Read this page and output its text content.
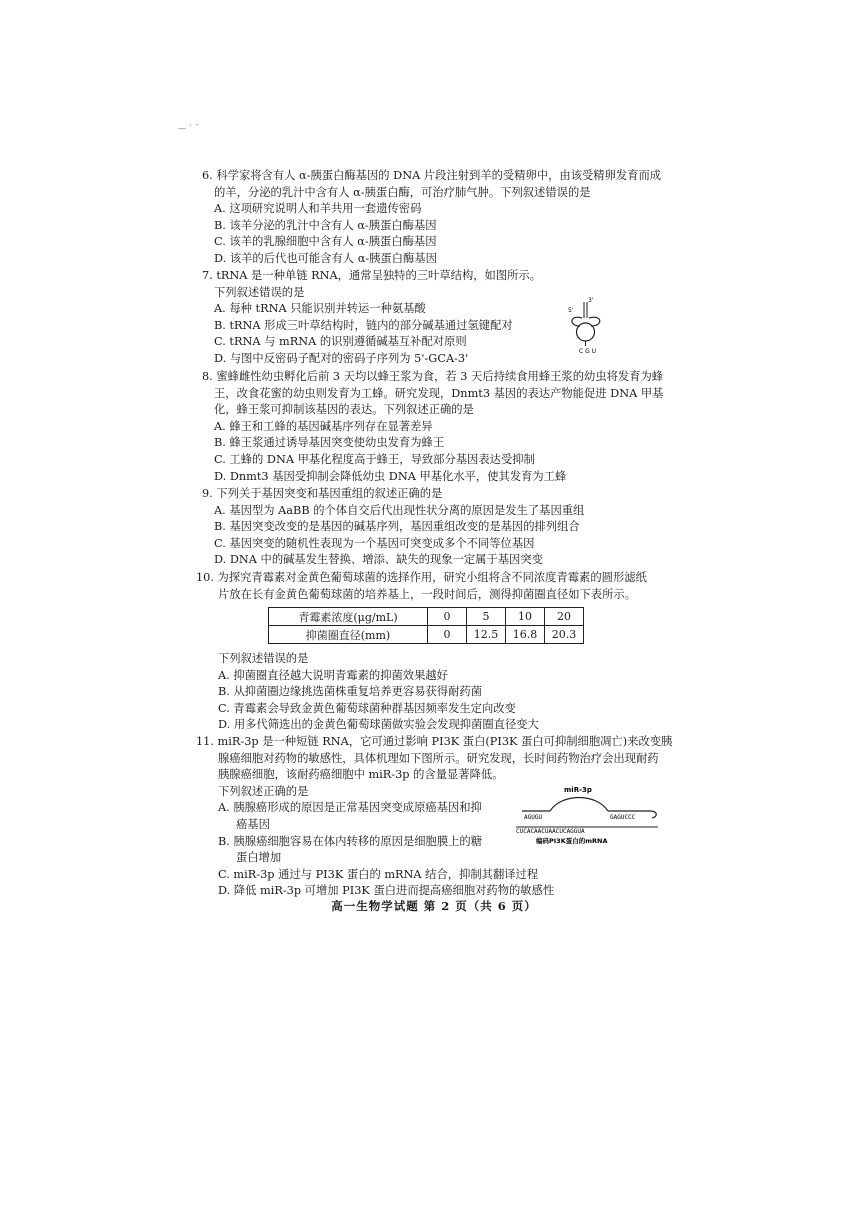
— ˙ ˉ
6. 科学家将含有人 α-胰蛋白酶基因的 DNA 片段注射到羊的受精卵中，由该受精卵发育而成
的羊，分泌的乳汁中含有人 α-胰蛋白酶，可治疗肺气肿。下列叙述错误的是
A. 这项研究说明人和羊共用一套遗传密码
B. 该羊分泌的乳汁中含有人 α-胰蛋白酶基因
C. 该羊的乳腺细胞中含有人 α-胰蛋白酶基因
D. 该羊的后代也可能含有人 α-胰蛋白酶基因
7. tRNA 是一种单链 RNA，通常呈独特的三叶草结构，如图所示。
下列叙述错误的是
A. 每种 tRNA 只能识别并转运一种氨基酸
B. tRNA 形成三叶草结构时，链内的部分碱基通过氢键配对
C. tRNA 与 mRNA 的识别遵循碱基互补配对原则
D. 与图中反密码子配对的密码子序列为 5'-GCA-3'
3'
5'
C G U
8. 蜜蜂雌性幼虫孵化后前 3 天均以蜂王浆为食，若 3 天后持续食用蜂王浆的幼虫将发育为蜂
王，改食花蜜的幼虫则发育为工蜂。研究发现，Dnmt3 基因的表达产物能促进 DNA 甲基
化，蜂王浆可抑制该基因的表达。下列叙述正确的是
A. 蜂王和工蜂的基因碱基序列存在显著差异
B. 蜂王浆通过诱导基因突变使幼虫发育为蜂王
C. 工蜂的 DNA 甲基化程度高于蜂王，导致部分基因表达受抑制
D. Dnmt3 基因受抑制会降低幼虫 DNA 甲基化水平，使其发育为工蜂
9. 下列关于基因突变和基因重组的叙述正确的是
A. 基因型为 AaBB 的个体自交后代出现性状分离的原因是发生了基因重组
B. 基因突变改变的是基因的碱基序列，基因重组改变的是基因的排列组合
C. 基因突变的随机性表现为一个基因可突变成多个不同等位基因
D. DNA 中的碱基发生替换、增添、缺失的现象一定属于基因突变
10. 为探究青霉素对金黄色葡萄球菌的选择作用，研究小组将含不同浓度青霉素的圆形滤纸
片放在长有金黄色葡萄球菌的培养基上，一段时间后，测得抑菌圈直径如下表所示。
青霉素浓度(μg/mL)	0	5	10	20
抑菌圈直径(mm)	0	12.5	16.8	20.3
下列叙述错误的是
A. 抑菌圈直径越大说明青霉素的抑菌效果越好
B. 从抑菌圈边缘挑选菌株重复培养更容易获得耐药菌
C. 青霉素会导致金黄色葡萄球菌种群基因频率发生定向改变
D. 用多代筛选出的金黄色葡萄球菌做实验会发现抑菌圈直径变大
11. miR-3p 是一种短链 RNA，它可通过影响 PI3K 蛋白(PI3K 蛋白可抑制细胞凋亡)来改变胰
腺癌细胞对药物的敏感性，具体机理如下图所示。研究发现，长时间药物治疗会出现耐药
胰腺癌细胞，该耐药癌细胞中 miR-3p 的含量显著降低。
下列叙述正确的是
A. 胰腺癌形成的原因是正常基因突变成原癌基因和抑
癌基因
B. 胰腺癌细胞容易在体内转移的原因是细胞膜上的糖
蛋白增加
C. miR-3p 通过与 PI3K 蛋白的 mRNA 结合，抑制其翻译过程
D. 降低 miR-3p 可增加 PI3K 蛋白进而提高癌细胞对药物的敏感性
miR-3p
AGUGU	GAGUCCC
CUCACAACUAACUCAGGUA
编码PI3K蛋白的mRNA
高一生物学试题 第 2 页（共 6 页）
